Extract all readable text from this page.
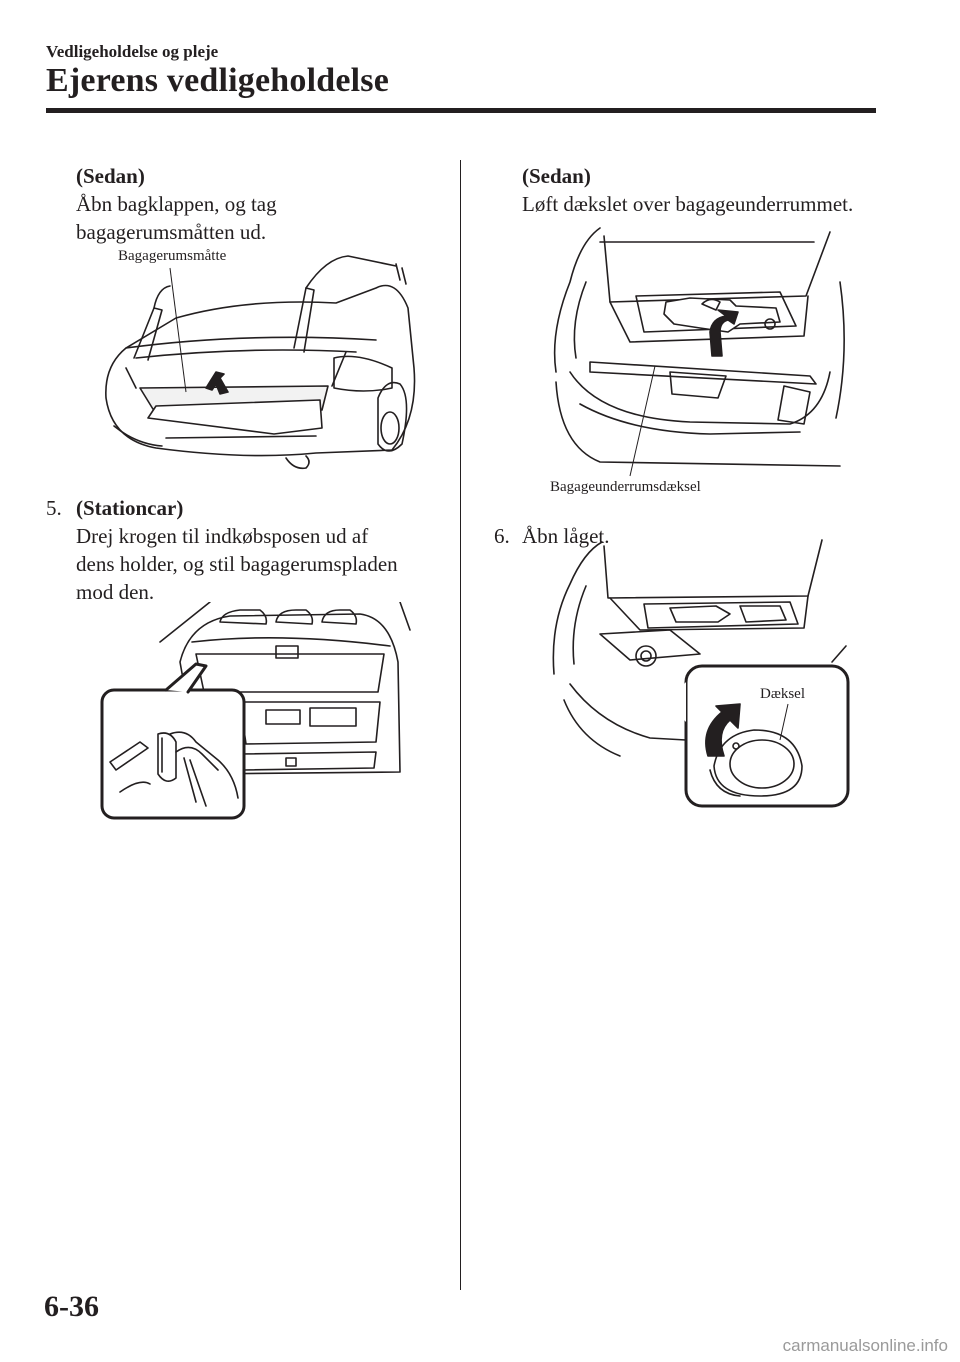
Vedligeholdelse og pleje
Ejerens vedligeholdelse
(Sedan)
Åbn bagklappen, og tag
bagagerumsmåtten ud.
Bagagerumsmåtte
5. (Stationcar)
Drej krogen til indkøbsposen ud af
dens holder, og stil bagagerumspladen
mod den.
(Sedan)
Løft dækslet over bagageunderrummet.
Bagageunderrumsdæksel
6. Åbn låget.
Dæksel
6-36
carmanualsonline.info
